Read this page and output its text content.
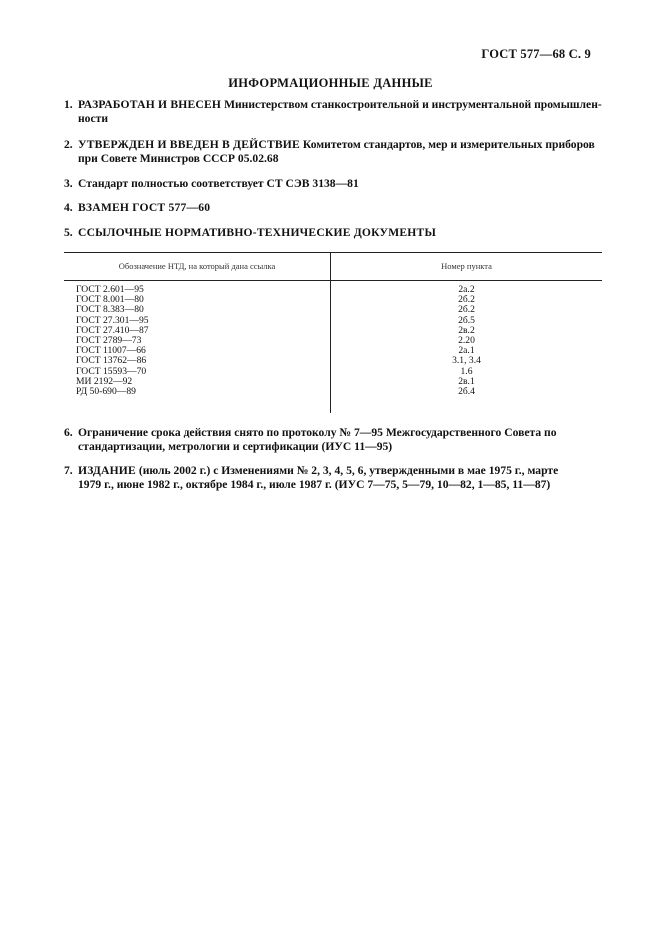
ГОСТ 577—68 С. 9
ИНФОРМАЦИОННЫЕ ДАННЫЕ
1. РАЗРАБОТАН И ВНЕСЕН Министерством станкостроительной и инструментальной промышлен-
ности
2. УТВЕРЖДЕН И ВВЕДЕН В ДЕЙСТВИЕ Комитетом стандартов, мер и измерительных приборов
при Совете Министров СССР 05.02.68
3. Стандарт полностью соответствует СТ СЭВ 3138—81
4. ВЗАМЕН ГОСТ 577—60
5. ССЫЛОЧНЫЕ НОРМАТИВНО-ТЕХНИЧЕСКИЕ ДОКУМЕНТЫ
Обозначение НТД, на который дана ссылка	Номер пункта
ГОСТ 2.601—95	2а.2
ГОСТ 8.001—80	2б.2
ГОСТ 8.383—80	2б.2
ГОСТ 27.301—95	2б.5
ГОСТ 27.410—87	2в.2
ГОСТ 2789—73	2.20
ГОСТ 11007—66	2а.1
ГОСТ 13762—86	3.1, 3.4
ГОСТ 15593—70	1.6
МИ 2192—92	2в.1
РД 50-690—89	2б.4
6. Ограничение срока действия снято по протоколу № 7—95 Межгосударственного Совета по
стандартизации, метрологии и сертификации (ИУС 11—95)
7. ИЗДАНИЕ (июль 2002 г.) с Изменениями № 2, 3, 4, 5, 6, утвержденными в мае 1975 г., марте
1979 г., июне 1982 г., октябре 1984 г., июле 1987 г. (ИУС 7—75, 5—79, 10—82, 1—85, 11—87)
